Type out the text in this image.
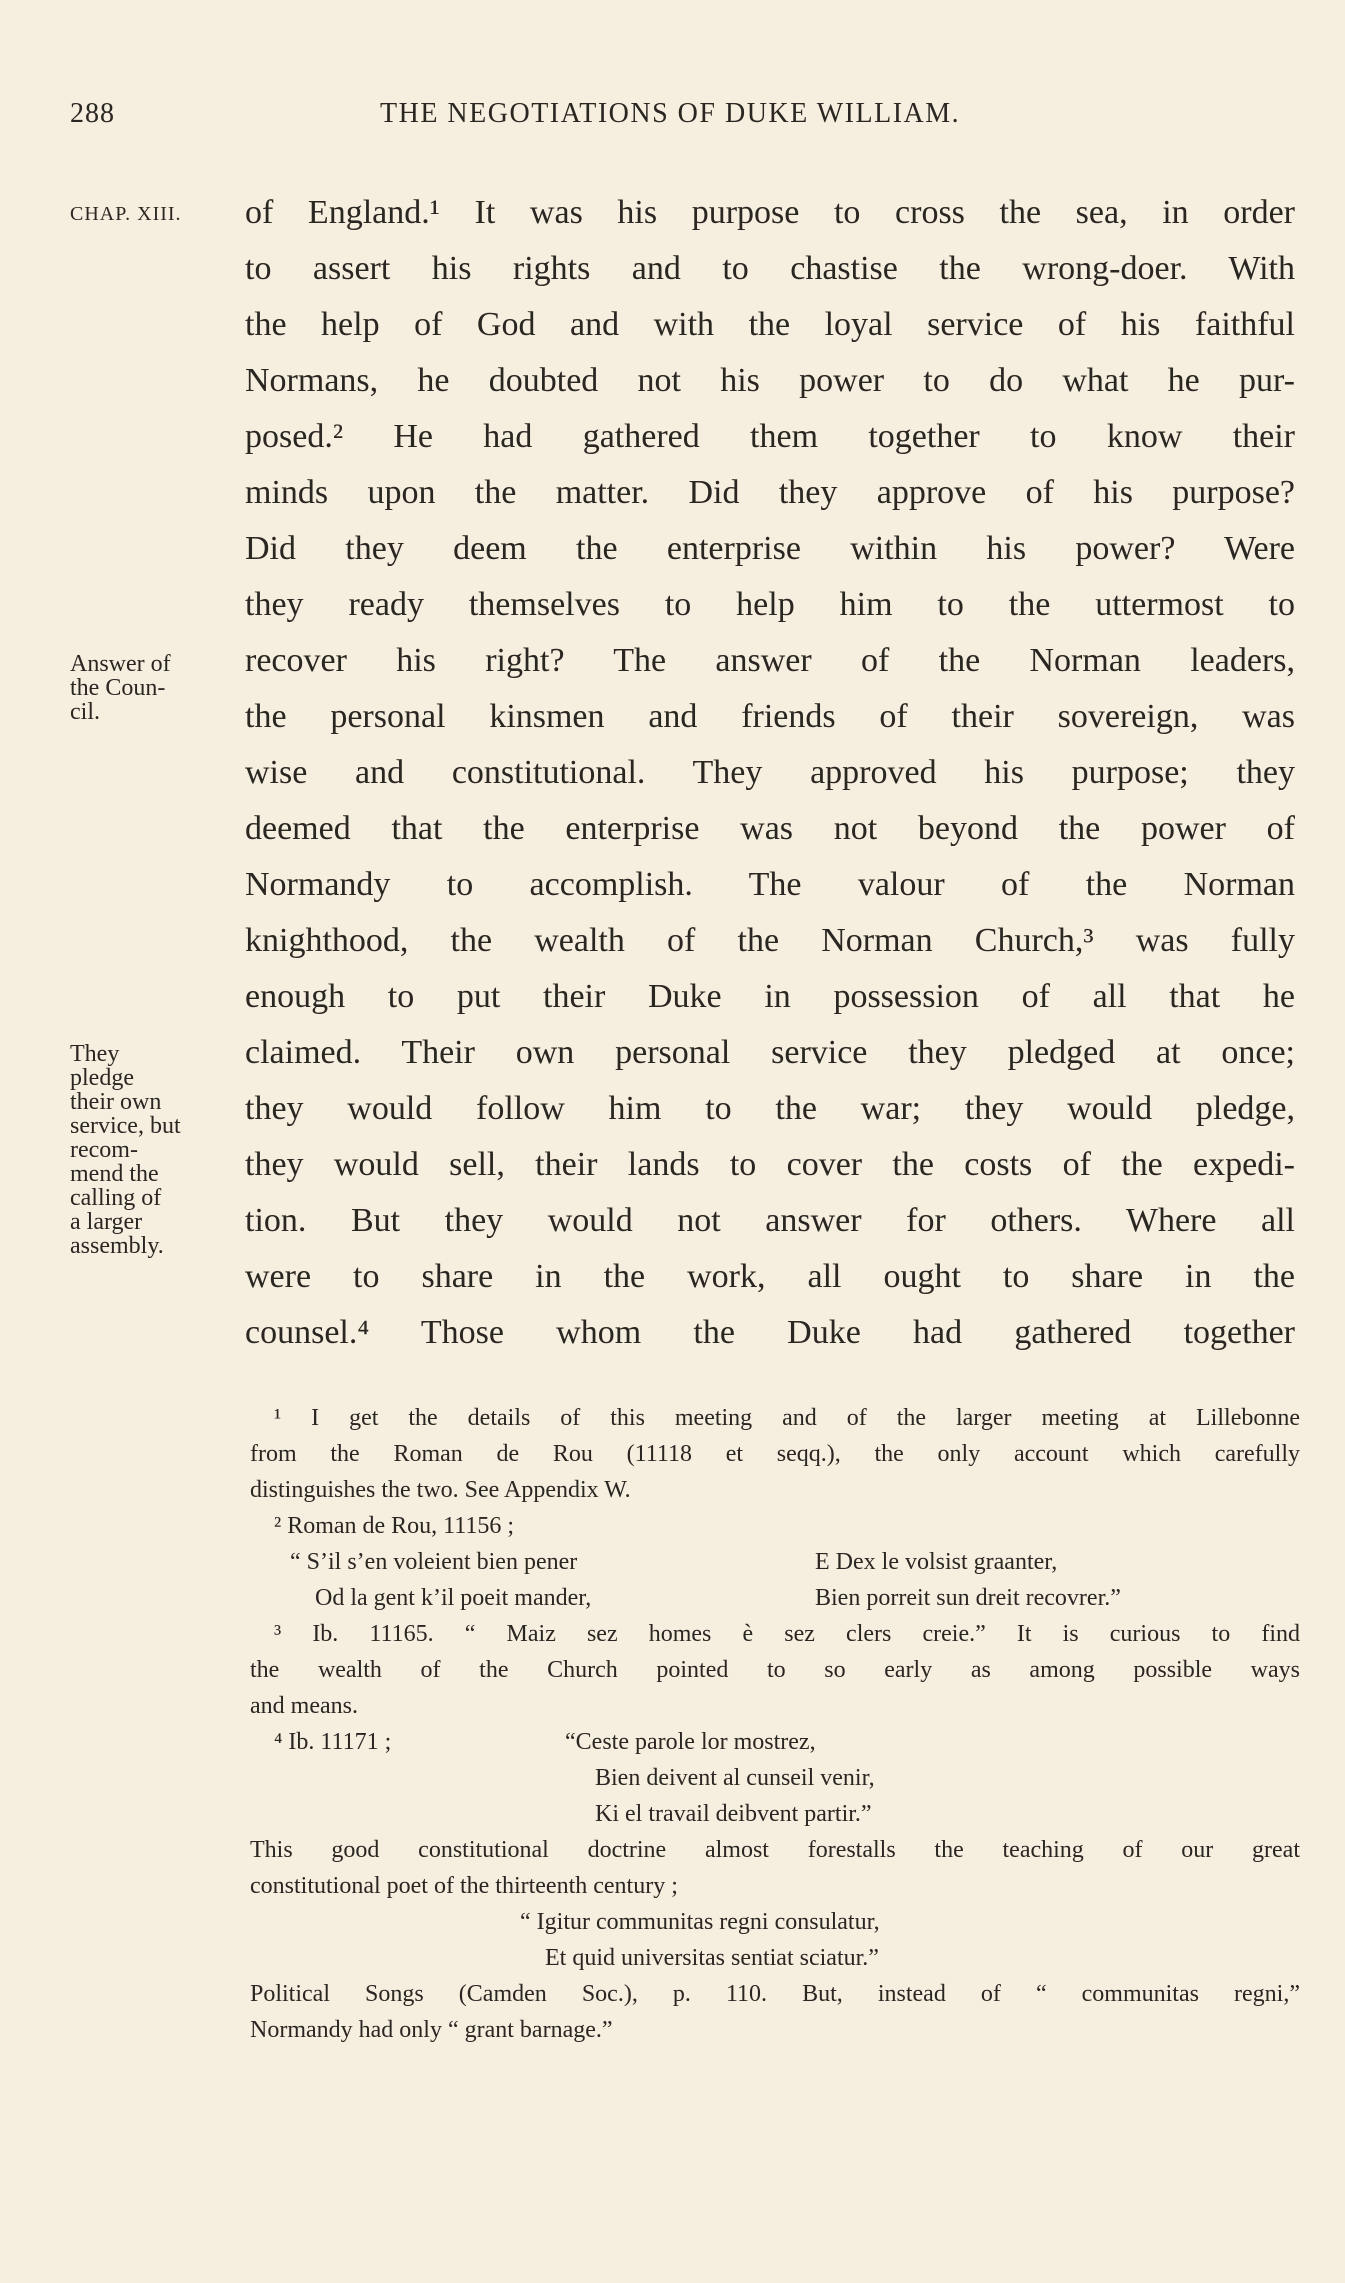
288	THE NEGOTIATIONS OF DUKE WILLIAM.
CHAP. XIII.
Answer of
the Coun-
cil.
They
pledge
their own
service, but
recom-
mend the
calling of
a larger
assembly.
of England.¹ It was his purpose to cross the sea, in order
to assert his rights and to chastise the wrong-doer. With
the help of God and with the loyal service of his faithful
Normans, he doubted not his power to do what he pur-
posed.² He had gathered them together to know their
minds upon the matter. Did they approve of his purpose?
Did they deem the enterprise within his power? Were
they ready themselves to help him to the uttermost to
recover his right? The answer of the Norman leaders,
the personal kinsmen and friends of their sovereign, was
wise and constitutional. They approved his purpose; they
deemed that the enterprise was not beyond the power of
Normandy to accomplish. The valour of the Norman
knighthood, the wealth of the Norman Church,³ was fully
enough to put their Duke in possession of all that he
claimed. Their own personal service they pledged at once;
they would follow him to the war; they would pledge,
they would sell, their lands to cover the costs of the expedi-
tion. But they would not answer for others. Where all
were to share in the work, all ought to share in the
counsel.⁴ Those whom the Duke had gathered together
¹ I get the details of this meeting and of the larger meeting at Lillebonne
from the Roman de Rou (11118 et seqq.), the only account which carefully
distinguishes the two. See Appendix W.
² Roman de Rou, 11156 ;
“ S’il s’en voleient bien pener	E Dex le volsist graanter,
Od la gent k’il poeit mander,	Bien porreit sun dreit recovrer.”
³ Ib. 11165. “ Maiz sez homes è sez clers creie.” It is curious to find
the wealth of the Church pointed to so early as among possible ways
and means.
⁴ Ib. 11171 ;	“Ceste parole lor mostrez,
Bien deivent al cunseil venir,
Ki el travail deibvent partir.”
This good constitutional doctrine almost forestalls the teaching of our great
constitutional poet of the thirteenth century ;
“ Igitur communitas regni consulatur,
Et quid universitas sentiat sciatur.”
Political Songs (Camden Soc.), p. 110. But, instead of “ communitas regni,”
Normandy had only “ grant barnage.”
